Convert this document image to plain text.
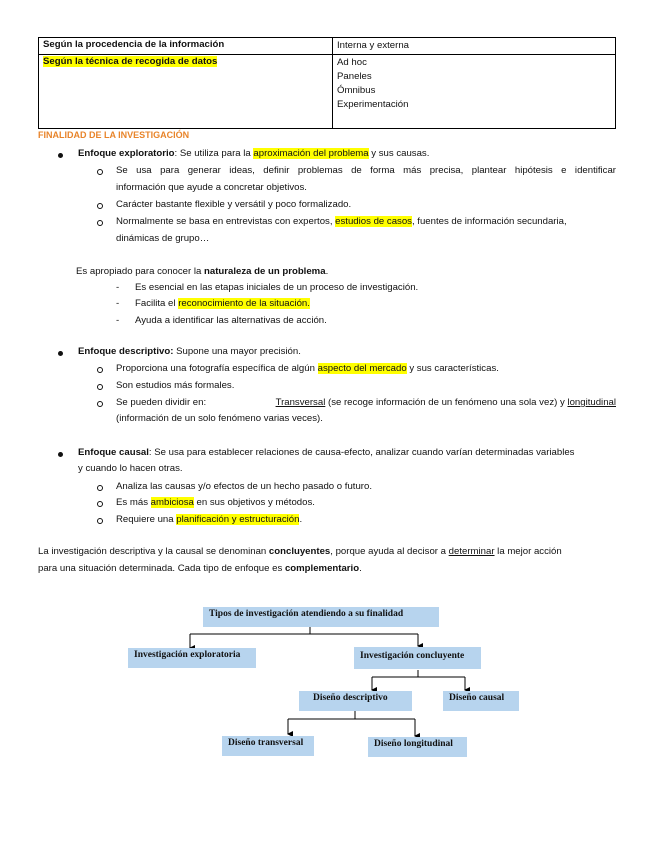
Según la procedencia de la información	Interna y externa

Según la técnica de recogida de datos	Ad hoc
Paneles
Ómnibus
Experimentación
FINALIDAD DE LA INVESTIGACIÓN
Enfoque exploratorio: Se utiliza para la aproximación del problema y sus causas.
Se usa para generar ideas, definir problemas de forma más precisa, plantear hipótesis e identificar
información que ayude a concretar objetivos.
Carácter bastante flexible y versátil y poco formalizado.
Normalmente se basa en entrevistas con expertos, estudios de casos, fuentes de información secundaria,
dinámicas de grupo…
Es apropiado para conocer la naturaleza de un problema.
- Es esencial en las etapas iniciales de un proceso de investigación.
- Facilita el reconocimiento de la situación.
- Ayuda a identificar las alternativas de acción.
Enfoque descriptivo: Supone una mayor precisión.
Proporciona una fotografía específica de algún aspecto del mercado y sus características.
Son estudios más formales.
Se pueden dividir en:	Transversal (se recoge información de un fenómeno una sola vez) y longitudinal
(información de un solo fenómeno varias veces).
Enfoque causal: Se usa para establecer relaciones de causa-efecto, analizar cuando varían determinadas variables
y cuando lo hacen otras.
Analiza las causas y/o efectos de un hecho pasado o futuro.
Es más ambiciosa en sus objetivos y métodos.
Requiere una planificación y estructuración.
La investigación descriptiva y la causal se denominan concluyentes, porque ayuda al decisor a determinar la mejor acción
para una situación determinada. Cada tipo de enfoque es complementario.
Tipos de investigación atendiendo a su finalidad
Investigación exploratoria	Investigación concluyente
Diseño descriptivo	Diseño causal
Diseño transversal	Diseño longitudinal
